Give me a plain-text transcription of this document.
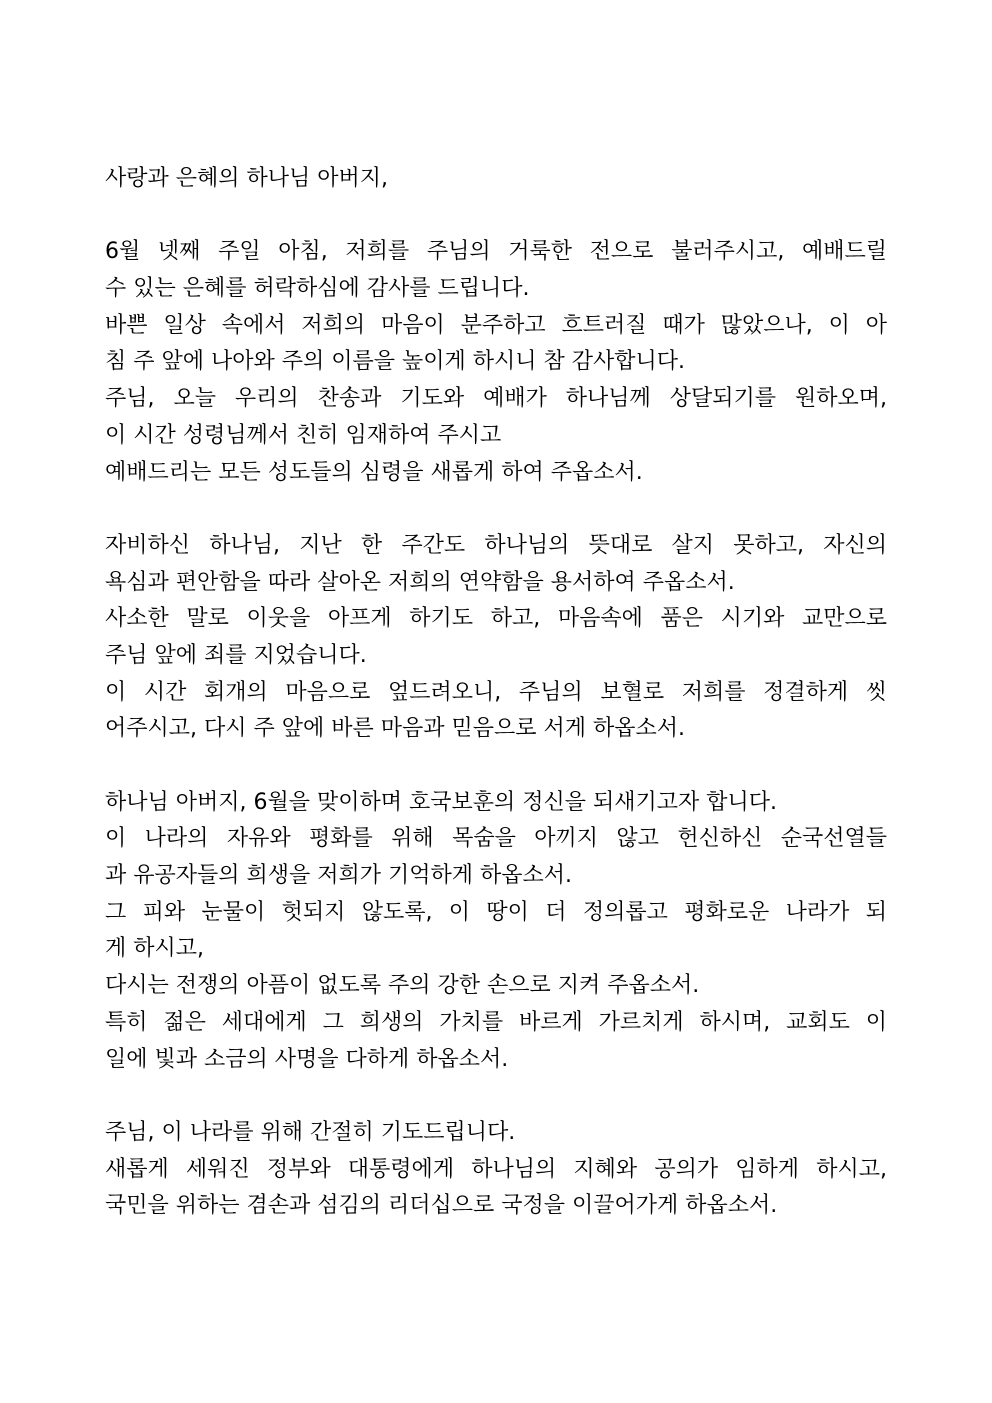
사랑과 은혜의 하나님 아버지,
6월 넷째 주일 아침, 저희를 주님의 거룩한 전으로 불러주시고, 예배드릴
수 있는 은혜를 허락하심에 감사를 드립니다.
바쁜 일상 속에서 저희의 마음이 분주하고 흐트러질 때가 많았으나, 이 아
침 주 앞에 나아와 주의 이름을 높이게 하시니 참 감사합니다.
주님, 오늘 우리의 찬송과 기도와 예배가 하나님께 상달되기를 원하오며,
이 시간 성령님께서 친히 임재하여 주시고
예배드리는 모든 성도들의 심령을 새롭게 하여 주옵소서.
자비하신 하나님, 지난 한 주간도 하나님의 뜻대로 살지 못하고, 자신의
욕심과 편안함을 따라 살아온 저희의 연약함을 용서하여 주옵소서.
사소한 말로 이웃을 아프게 하기도 하고, 마음속에 품은 시기와 교만으로
주님 앞에 죄를 지었습니다.
이 시간 회개의 마음으로 엎드려오니, 주님의 보혈로 저희를 정결하게 씻
어주시고, 다시 주 앞에 바른 마음과 믿음으로 서게 하옵소서.
하나님 아버지, 6월을 맞이하며 호국보훈의 정신을 되새기고자 합니다.
이 나라의 자유와 평화를 위해 목숨을 아끼지 않고 헌신하신 순국선열들
과 유공자들의 희생을 저희가 기억하게 하옵소서.
그 피와 눈물이 헛되지 않도록, 이 땅이 더 정의롭고 평화로운 나라가 되
게 하시고,
다시는 전쟁의 아픔이 없도록 주의 강한 손으로 지켜 주옵소서.
특히 젊은 세대에게 그 희생의 가치를 바르게 가르치게 하시며, 교회도 이
일에 빛과 소금의 사명을 다하게 하옵소서.
주님, 이 나라를 위해 간절히 기도드립니다.
새롭게 세워진 정부와 대통령에게 하나님의 지혜와 공의가 임하게 하시고,
국민을 위하는 겸손과 섬김의 리더십으로 국정을 이끌어가게 하옵소서.
